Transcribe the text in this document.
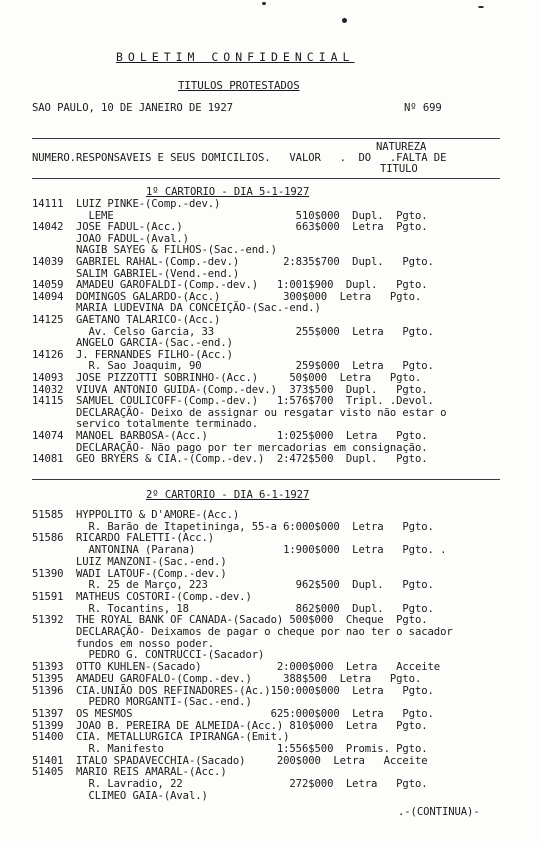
BOLETIM CONFIDENCIAL
TITULOS PROTESTADOS
SAO PAULO, 10 DE JANEIRO DE 1927	Nº 699
NATUREZA
NUMERO.RESPONSAVEIS E SEUS DOMICILIOS.   VALOR   .  DO   .FALTA DE
TITULO
1º CARTORIO - DIA 5-1-1927
14111  LUIZ PINKE-(Comp.-dev.)
LEME                             510$000  Dupl.  Pgto.
14042  JOSE FADUL-(Acc.)                  663$000  Letra  Pgto.
JOAO FADUL-(Aval.)
NAGIB SAYEG & FILHOS-(Sac.-end.)
14039  GABRIEL RAHAL-(Comp.-dev.)       2:835$700  Dupl.   Pgto.
SALIM GABRIEL-(Vend.-end.)
14059  AMADEU GAROFALDI-(Comp.-dev.)   1:001$900  Dupl.   Pgto.
14094  DOMINGOS GALARDO-(Acc.)          300$000  Letra   Pgto.
MARIA LUDEVINA DA CONCEIÇÃO-(Sac.-end.)
14125  GAETANO TALARICO-(Acc.)
Av. Celso Garcia, 33             255$000  Letra   Pgto.
ANGELO GARCIA-(Sac.-end.)
14126  J. FERNANDES FILHO-(Acc.)
R. Sao Joaquim, 90               259$000  Letra   Pgto.
14093  JOSE PIZZOTTI SOBRINHO-(Acc.)     50$000  Letra   Pgto.
14032  VIUVA ANTONIO GUIDA-(Comp.-dev.)  373$500  Dupl.   Pgto.
14115  SAMUEL COULICOFF-(Comp.-dev.)   1:576$700  Tripl. .Devol.
DECLARAÇÃO- Deixo de assignar ou resgatar visto não estar o
servico totalmente terminado.
14074  MANOEL BARBOSA-(Acc.)           1:025$000  Letra   Pgto.
DECLARAÇÃO- Não pago por ter mercadorias em consignação.
14081  GEO BRYERS & CIA.-(Comp.-dev.)  2:472$500  Dupl.   Pgto.
2º CARTORIO - DIA 6-1-1927
51585  HYPPOLITO & D'AMORE-(Acc.)
R. Barão de Itapetininga, 55-a 6:000$000  Letra   Pgto.
51586  RICARDO FALETTI-(Acc.)
ANTONINA (Parana)              1:900$000  Letra   Pgto. .
LUIZ MANZONI-(Sac.-end.)
51390  WADI LATOUF-(Comp.-dev.)
R. 25 de Março, 223              962$500  Dupl.   Pgto.
51591  MATHEUS COSTORI-(Comp.-dev.)
R. Tocantins, 18                 862$000  Dupl.   Pgto.
51392  THE ROYAL BANK OF CANADA-(Sacado) 500$000  Cheque  Pgto.
DECLARAÇÃO- Deixamos de pagar o cheque por nao ter o sacador
fundos em nosso poder.
PEDRO G. CONTRUCCI-(Sacador)
51393  OTTO KUHLEN-(Sacado)            2:000$000  Letra   Acceite
51395  AMADEU GAROFALO-(Comp.-dev.)     388$500  Letra   Pgto.
51396  CIA.UNIÃO DOS REFINADORES-(Ac.)150:000$000  Letra   Pgto.
PEDRO MORGANTI-(Sac.-end.)
51397  OS MESMOS                      625:000$000  Letra   Pgto.
51399  JOAO B. PEREIRA DE ALMEIDA-(Acc.) 810$000  Letra   Pgto.
51400  CIA. METALLURGICA IPIRANGA-(Emit.)
R. Manifesto                  1:556$500  Promis. Pgto.
51401  ITALO SPADAVECCHIA-(Sacado)     200$000  Letra   Acceite
51405  MARIO REIS AMARAL-(Acc.)
R. Lavradio, 22                 272$000  Letra   Pgto.
CLIMEO GAIA-(Aval.)
.-(CONTINUA)-
